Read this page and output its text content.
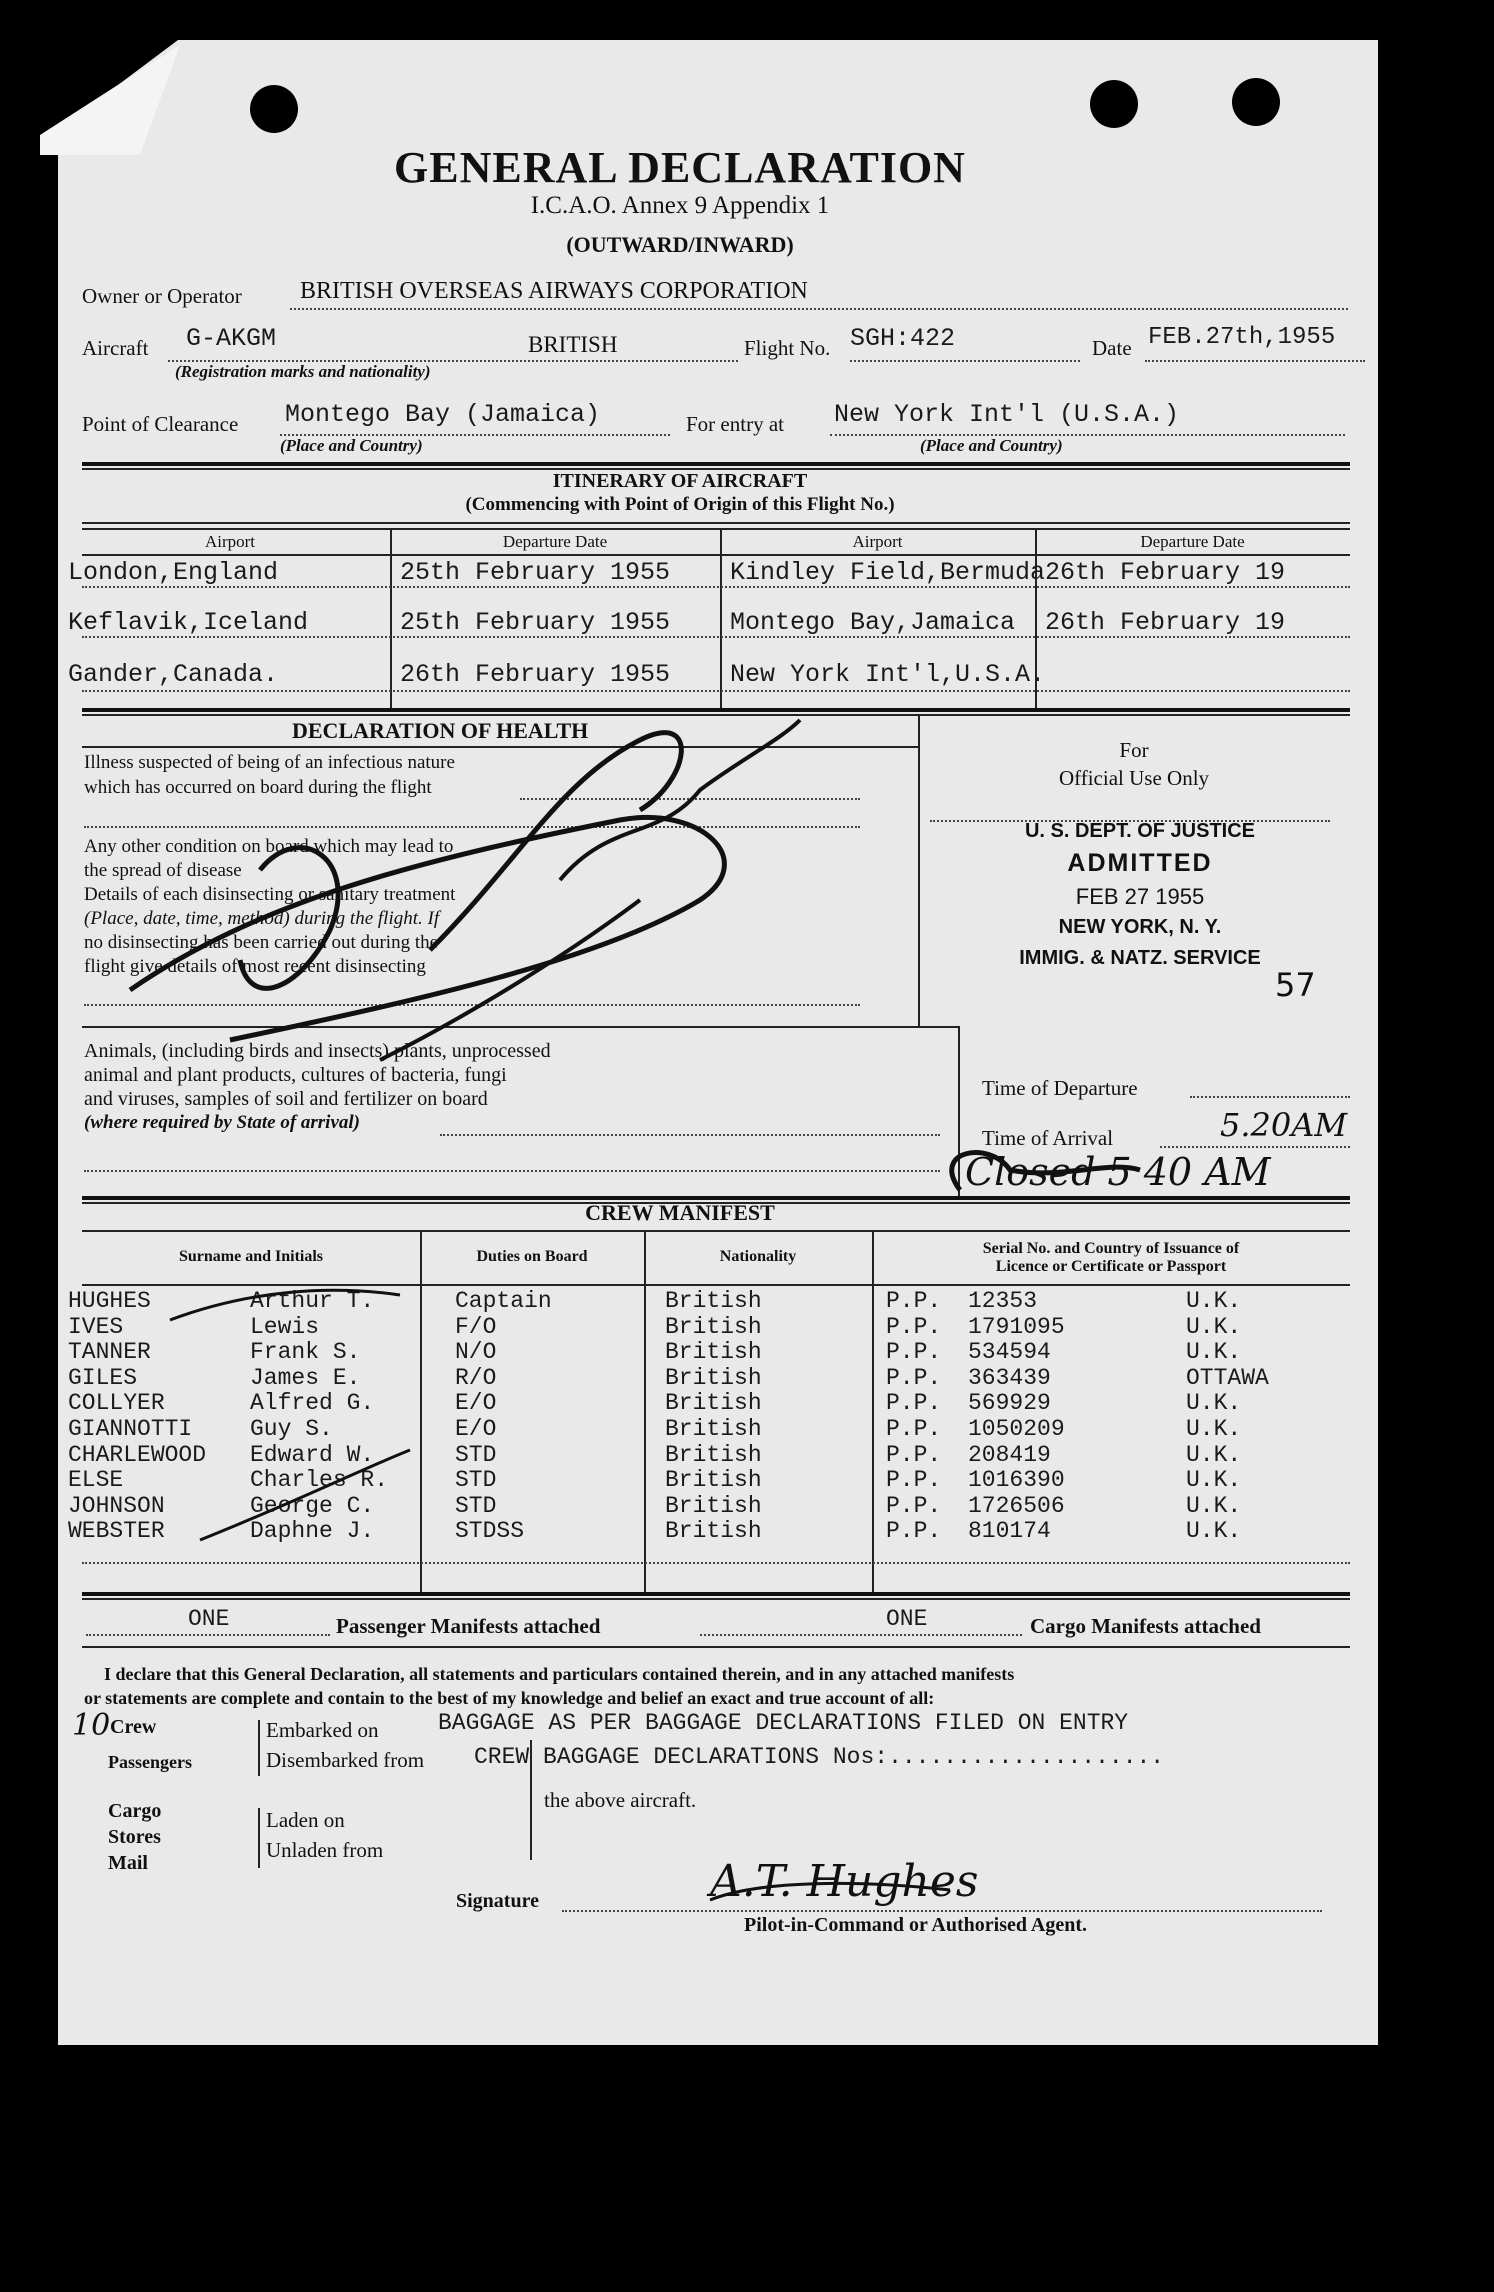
GENERAL DECLARATION
I.C.A.O. Annex 9 Appendix 1
(OUTWARD/INWARD)
Owner or Operator BRITISH OVERSEAS AIRWAYS CORPORATION
Aircraft G-AKGM	BRITISH
(Registration marks and nationality)
Flight No. SGH:422	Date FEB.27th,1955
Point of Clearance Montego Bay (Jamaica)
(Place and Country)
For entry at New York Int'l (U.S.A.)
(Place and Country)
ITINERARY OF AIRCRAFT
(Commencing with Point of Origin of this Flight No.)
Airport	Departure Date	Airport	Departure Date
London,England	25th February 1955 Kindley Field,Bermuda 26th February 19
Keflavik,Iceland	25th February 1955 Montego Bay,Jamaica 26th February 19
Gander,Canada.	26th February 1955 New York Int'l,U.S.A.
DECLARATION OF HEALTH
Illness suspected of being of an infectious nature
which has occurred on board during the flight
Any other condition on board which may lead to
the spread of disease
Details of each disinsecting or sanitary treatment
(Place, date, time, method) during the flight. If
no disinsecting has been carried out during the
flight give details of most recent disinsecting
For
Official Use Only
U. S. DEPT. OF JUSTICE
ADMITTED
FEB 27 1955
NEW YORK, N. Y.
IMMIG. & NATZ. SERVICE
57
Animals, (including birds and insects) plants, unprocessed
animal and plant products, cultures of bacteria, fungi
and viruses, samples of soil and fertilizer on board
(where required by State of arrival)
Time of Departure
Time of Arrival	5.20AM
Closed 5 40 AM
CREW MANIFEST
Surname and Initials	Duties on Board	Nationality	Serial No. and Country of Issuance of
Licence or Certificate or Passport
HUGHES	Arthur T.	Captain	British	P.P. 12353	U.K.
IVES	Lewis	F/O	British	P.P. 1791095	U.K.
TANNER	Frank S.	N/O	British	P.P. 534594	U.K.
GILES	James E.	R/O	British	P.P. 363439	OTTAWA
COLLYER	Alfred G.	E/O	British	P.P. 569929	U.K.
GIANNOTTI	Guy S.	E/O	British	P.P. 1050209	U.K.
CHARLEWOOD Edward W.	STD	British	P.P. 208419	U.K.
ELSE	Charles R.	STD	British	P.P. 1016390	U.K.
JOHNSON	George C.	STD	British	P.P. 1726506	U.K.
WEBSTER	Daphne J.	STDSS	British	P.P. 810174	U.K.
ONE	Passenger Manifests attached	ONE	Cargo Manifests attached
I declare that this General Declaration, all statements and particulars contained therein, and in any attached manifests
or statements are complete and contain to the best of my knowledge and belief an exact and true account of all:
10 Crew
Passengers
Embarked on
Disembarked from
BAGGAGE AS PER BAGGAGE DECLARATIONS FILED ON ENTRY
CREW BAGGAGE DECLARATIONS Nos:....................
the above aircraft.
Cargo
Stores
Mail
Laden on
Unladen from
Signature	A.T. Hughes
Pilot-in-Command or Authorised Agent.
